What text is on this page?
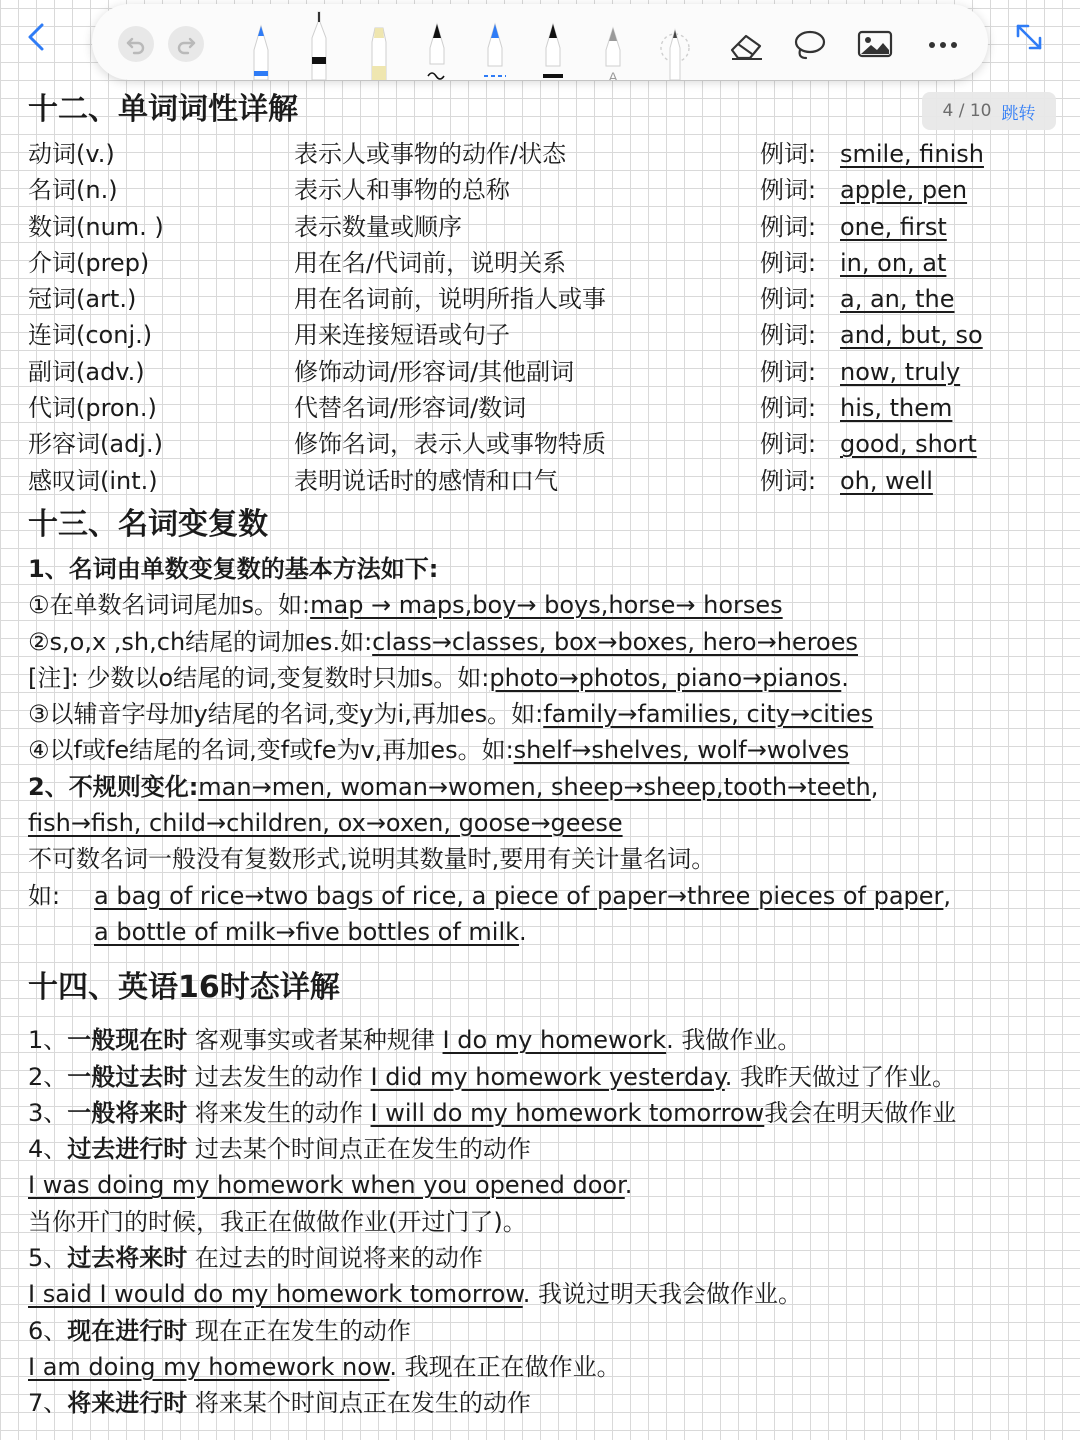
A
4 / 10 跳转
十二、单词词性详解
动词(v.)	表示人或事物的动作/状态	例词: smile, finish
名词(n.)	表示人和事物的总称	例词: apple, pen
数词(num. )	表示数量或顺序	例词: one, first
介词(prep)	用在名/代词前，说明关系	例词: in, on, at
冠词(art.)	用在名词前，说明所指人或事	例词: a, an, the
连词(conj.)	用来连接短语或句子	例词: and, but, so
副词(adv.)	修饰动词/形容词/其他副词	例词: now, truly
代词(pron.)	代替名词/形容词/数词	例词: his, them
形容词(adj.)	修饰名词，表示人或事物特质	例词: good, short
感叹词(int.)	表明说话时的感情和口气	例词: oh, well
十三、名词变复数
1、名词由单数变复数的基本方法如下:
①在单数名词词尾加s。如:map → maps,boy→ boys,horse→ horses
②s,o,x ,sh,ch结尾的词加es.如:class→classes, box→boxes, hero→heroes
[注]: 少数以o结尾的词,变复数时只加s。如:photo→photos, piano→pianos.
③以辅音字母加y结尾的名词,变y为i,再加es。如:family→families, city→cities
④以f或fe结尾的名词,变f或fe为v,再加es。如:shelf→shelves, wolf→wolves
2、不规则变化:man→men, woman→women, sheep→sheep,tooth→teeth,
fish→fish, child→children, ox→oxen, goose→geese
不可数名词一般没有复数形式,说明其数量时,要用有关计量名词。
如: a bag of rice→two bags of rice, a piece of paper→three pieces of paper,
a bottle of milk→five bottles of milk.
十四、英语16时态详解
1、一般现在时 客观事实或者某种规律 I do my homework. 我做作业。
2、一般过去时 过去发生的动作 I did my homework yesterday. 我昨天做过了作业。
3、一般将来时 将来发生的动作 I will do my homework tomorrow我会在明天做作业
4、过去进行时 过去某个时间点正在发生的动作
I was doing my homework when you opened door.
当你开门的时候，我正在做做作业(开过门了)。
5、过去将来时 在过去的时间说将来的动作
I said I would do my homework tomorrow. 我说过明天我会做作业。
6、现在进行时 现在正在发生的动作
I am doing my homework now. 我现在正在做作业。
7、将来进行时 将来某个时间点正在发生的动作
